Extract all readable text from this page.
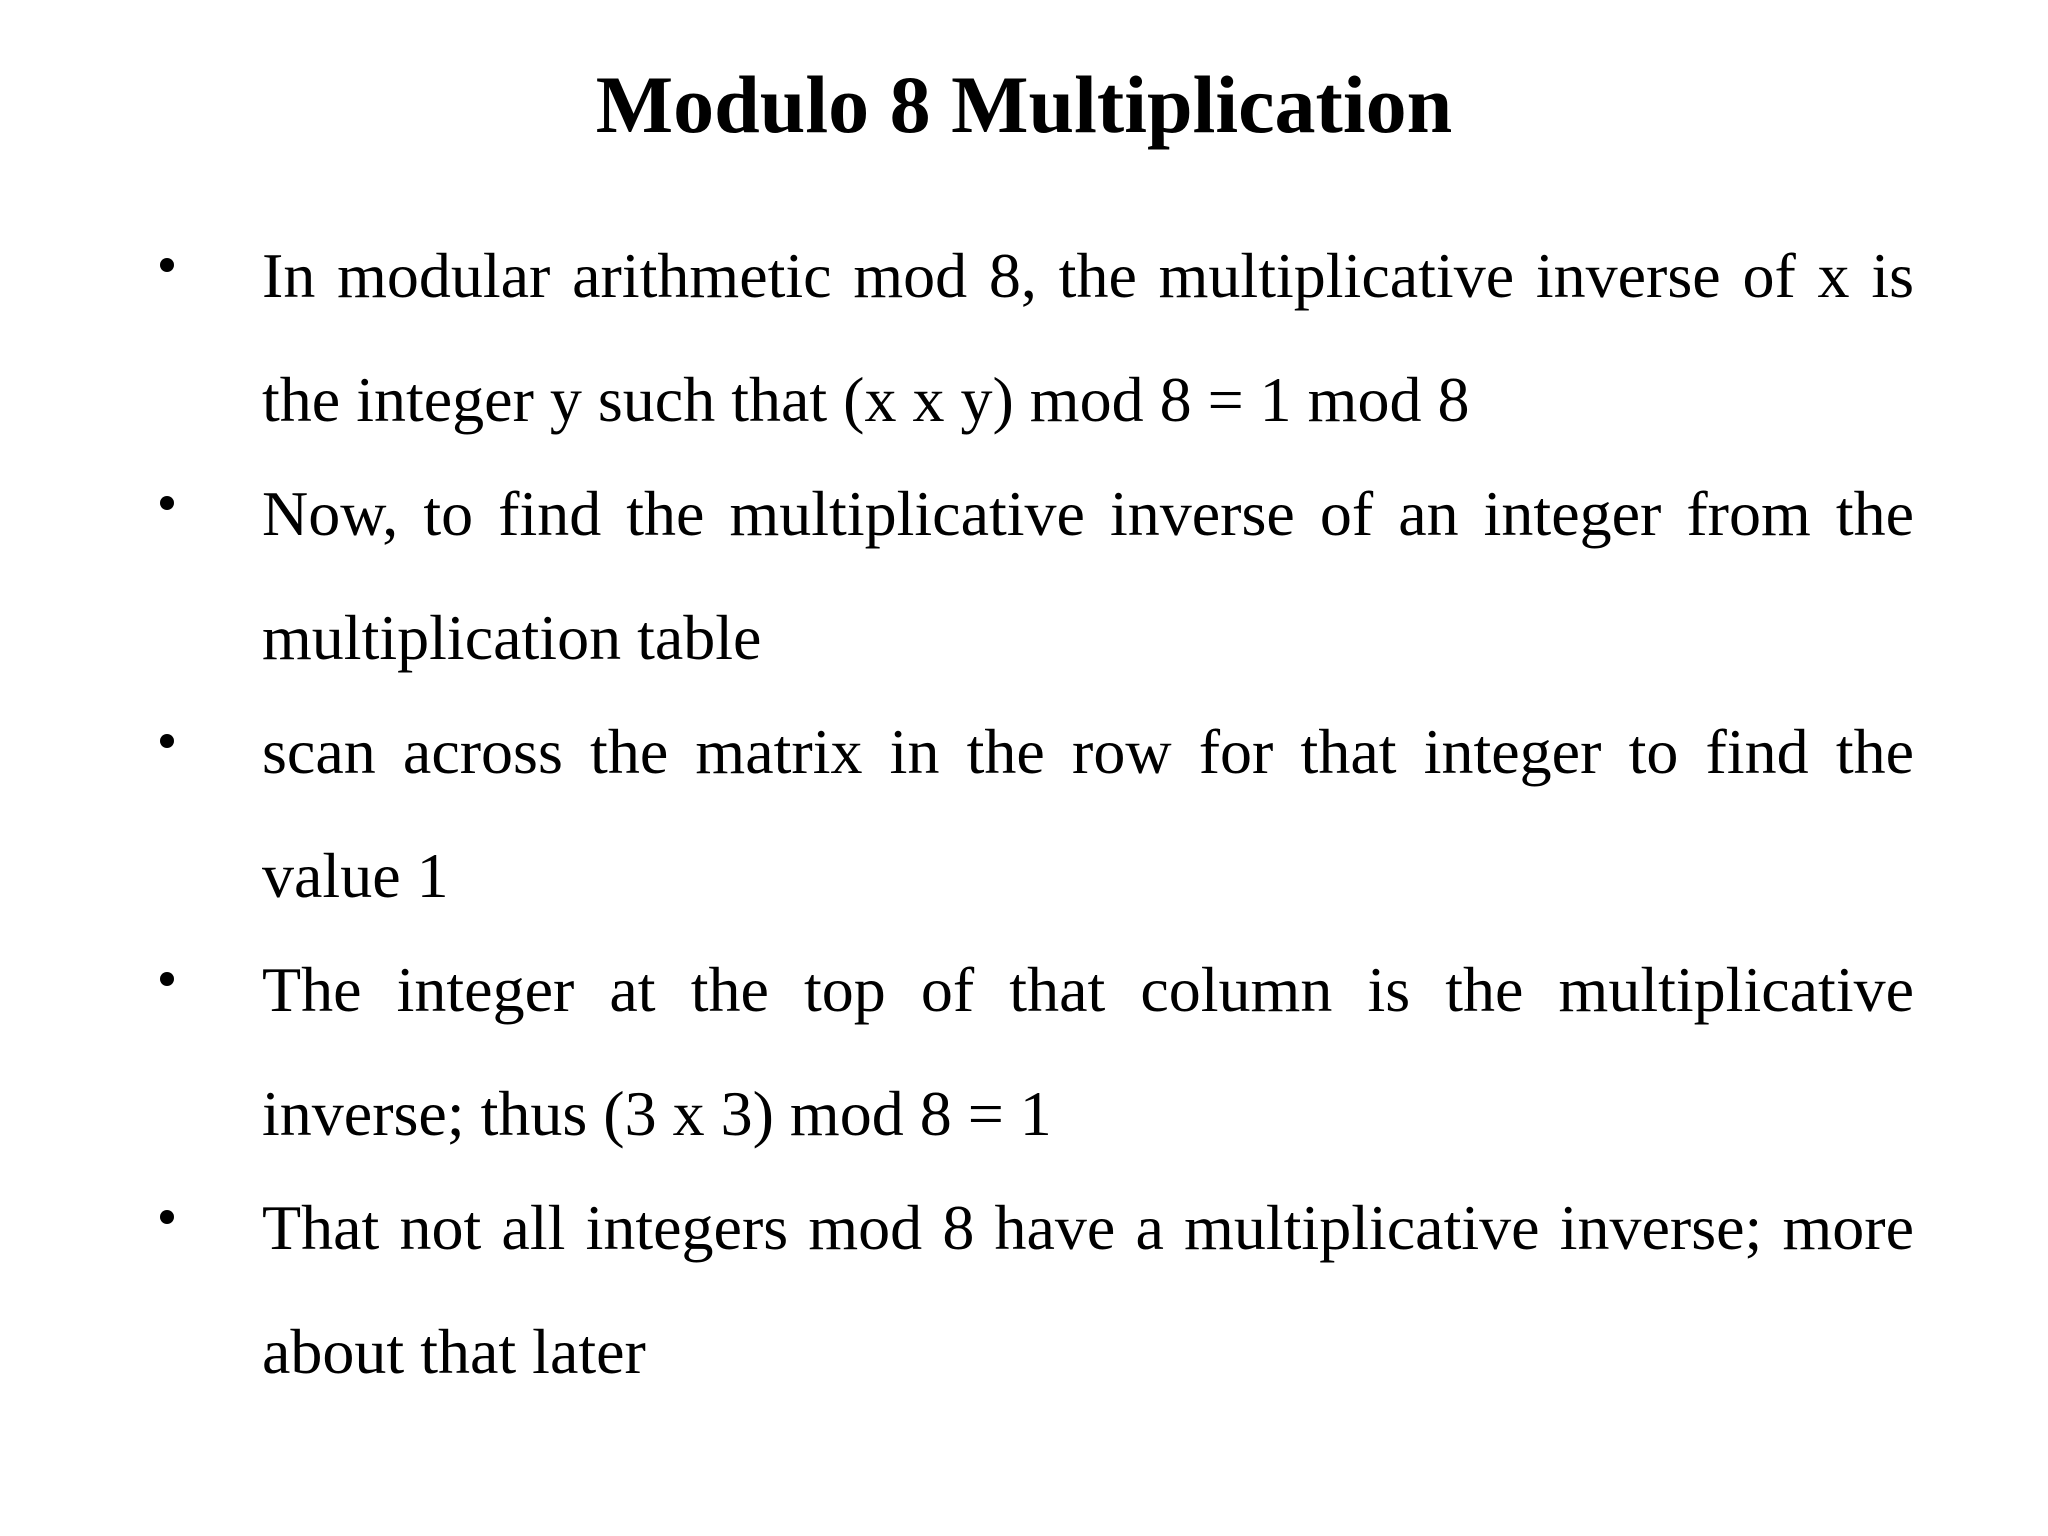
Modulo 8 Multiplication
In modular arithmetic mod 8, the multiplicative inverse of x is the integer y such that (x x y) mod 8 = 1 mod 8
Now, to find the multiplicative inverse of an integer from the multiplication table
scan across the matrix in the row for that integer to find the value 1
The integer at the top of that column is the multiplicative inverse; thus (3 x 3) mod 8 = 1
That not all integers mod 8 have a multiplicative inverse; more about that later
